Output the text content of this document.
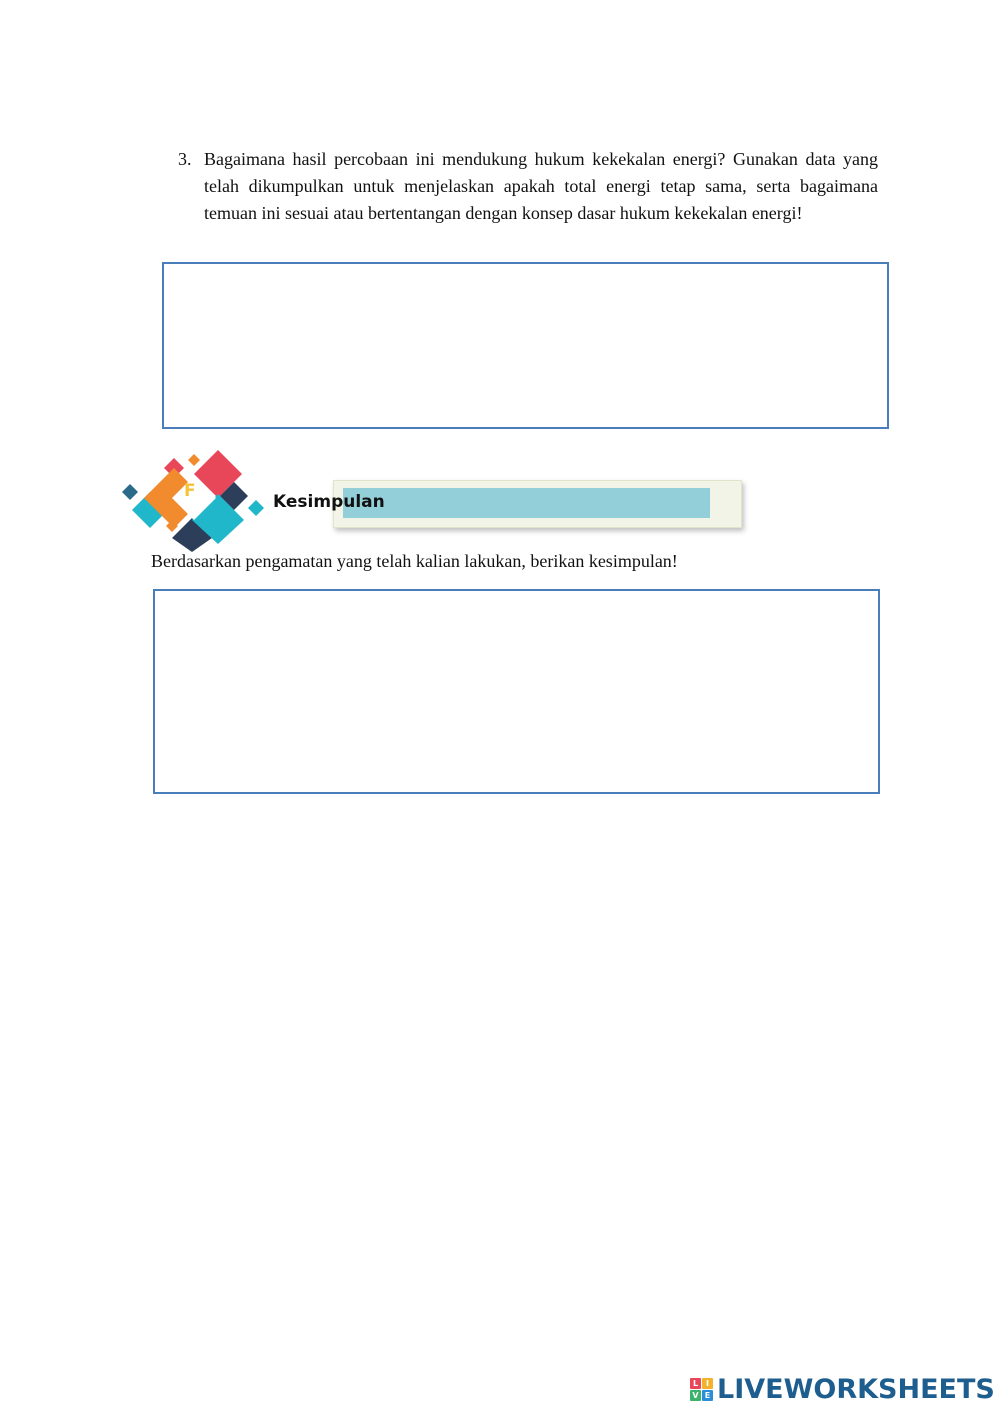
3. Bagaimana hasil percobaan ini mendukung hukum kekekalan energi? Gunakan data yang telah dikumpulkan untuk menjelaskan apakah total energi tetap sama, serta bagaimana temuan ini sesuai atau bertentangan dengan konsep dasar hukum kekekalan energi!
F
Kesimpulan
Berdasarkan pengamatan yang telah kalian lakukan, berikan kesimpulan!
L I
V E LIVEWORKSHEETS
